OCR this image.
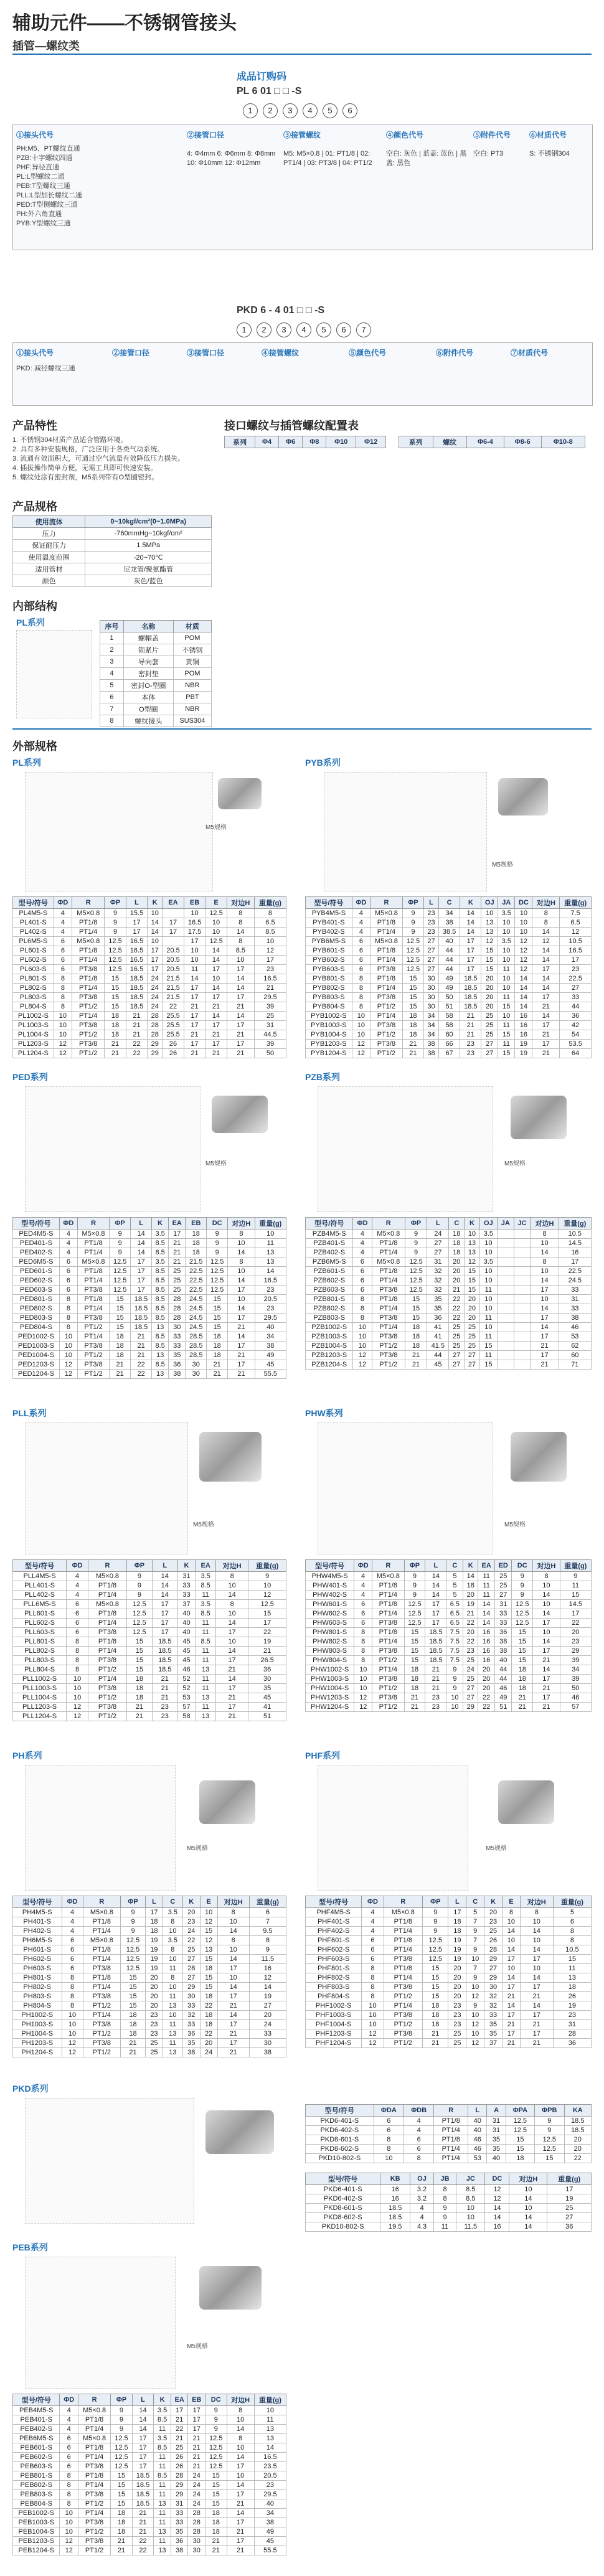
辅助元件——不锈钢管接头
插管—螺纹类
成品订购码
PL 6 01 □ □ -S
1	2	3	4	5	6
①接头代号	②接管口径	③接管螺纹	④颜色代号	⑤附件代号 ⑥材质代号
PH:M5、PT螺纹直通
PZB:十字螺纹四通
PHF:异径直通
PL:L型螺纹二通
PEB:T型螺纹三通
PLL:L型加长螺纹二通
PED:T型侧螺纹三通
PH:外六角直通
PYB:Y型螺纹三通
4: Φ4mm 6: Φ6mm 8: Φ8mm 10: Φ10mm 12: Φ12mm
M5: M5×0.8 | 01: PT1/8 | 02: PT1/4 | 03: PT3/8 | 04: PT1/2
空白: 灰色 | 蓝盖: 蓝色 | 黑盖: 黑色
空白: PT3	S: 不锈钢304
PKD 6 - 4 01 □ □ -S
1	2	3	4	5	6	7
①接头代号	②接管口径	③接管口径	④接管螺纹	⑤颜色代号	⑥附件代号	⑦材质代号
PKD: 减径螺纹三通
产品特性
1. 不锈钢304材质产品适合管路环境。
2. 具有多种安装规格，广泛应用于各类气动系统。
3. 流通有效面积大，可通过空气流量有效降低压力损失。
4. 插拔操作简单方便，无需工具即可快速安装。
5. 螺纹处涂有密封剂，M5系列带有O型圈密封。
产品规格
使用流体	0~10kgf/cm²(0~1.0MPa)
压力	-760mmHg~10kgf/cm²
保证耐压力	1.5MPa
使用温度范围	-20~70℃
适用管材	尼龙管/聚氨酯管
颜色	灰色/蓝色
内部结构
PL系列	序号	名称	材质
1	螺帽盖	POM
2	锁紧片	不锈钢
3	导向套	黄铜
4	密封垫	POM
5	密封O-型圈	NBR
6	本体	PBT
7	O型圈	NBR
8	螺纹接头	SUS304
接口螺纹与插管螺纹配置表
系列	Φ4	Φ6	Φ8	Φ10	Φ12	系列	螺纹	Φ6-4	Φ8-6	Φ10-8
外部规格
PL系列
M5规格
型号/符号	ΦD	R	ΦP	L	K	EA	EB	E	对边H	重量(g)
PL4M5-S	4	M5×0.8	9	15.5	10		10	12.5	8	8
PL401-S	4	PT1/8	9	17	14	17	16.5	10	8	6.5
PL402-S	4	PT1/4	9	17	14	17	17.5	10	14	8.5
PL6M5-S	6	M5×0.8	12.5	16.5	10		17	12.5	8	10
PL601-S	6	PT1/8	12.5	16.5	17	20.5	10	14	8.5	12
PL602-S	6	PT1/4	12.5	16.5	17	20.5	10	14	10	17
PL603-S	6	PT3/8	12.5	16.5	17	20.5	11	17	17	23
PL801-S	8	PT1/8	15	18.5	24	21.5	14	10	14	16.5
PL802-S	8	PT1/4	15	18.5	24	21.5	17	14	14	21
PL803-S	8	PT3/8	15	18.5	24	21.5	17	17	17	29.5
PL804-S	8	PT1/2	15	18.5	24	22	21	21	21	39
PL1002-S	10	PT1/4	18	21	28	25.5	17	14	14	25
PL1003-S	10	PT3/8	18	21	28	25.5	17	17	17	31
PL1004-S	10	PT1/2	18	21	28	25.5	21	21	21	44.5
PL1203-S	12	PT3/8	21	22	29	26	17	17	17	39
PL1204-S	12	PT1/2	21	22	29	26	21	21	21	50
PYB系列
M5规格
型号/符号	ΦD	R	ΦP	L	C	K	OJ	JA	DC	对边H	重量(g)
PYB4M5-S	4	M5×0.8	9	23	34	14	10	3.5	10	8	7.5
PYB401-S	4	PT1/8	9	23	38	14	13	10	10	8	6.5
PYB402-S	4	PT1/4	9	23	38.5	14	13	10	10	14	12
PYB6M5-S	6	M5×0.8	12.5	27	40	17	12	3.5	12	12	10.5
PYB601-S	6	PT1/8	12.5	27	44	17	15	10	12	14	16.5
PYB602-S	6	PT1/4	12.5	27	44	17	15	10	12	14	17
PYB603-S	6	PT3/8	12.5	27	44	17	15	11	12	17	23
PYB801-S	8	PT1/8	15	30	49	18.5	20	10	14	14	22.5
PYB802-S	8	PT1/4	15	30	49	18.5	20	10	14	14	27
PYB803-S	8	PT3/8	15	30	50	18.5	20	11	14	17	33
PYB804-S	8	PT1/2	15	30	51	18.5	20	15	14	21	44
PYB1002-S	10	PT1/4	18	34	58	21	25	10	16	14	36
PYB1003-S	10	PT3/8	18	34	58	21	25	11	16	17	42
PYB1004-S	10	PT1/2	18	34	60	21	25	15	16	21	54
PYB1203-S	12	PT3/8	21	38	66	23	27	11	19	17	53.5
PYB1204-S	12	PT1/2	21	38	67	23	27	15	19	21	64
PED系列
M5规格
型号/符号	ΦD	R	ΦP	L	K	EA	EB	DC	对边H	重量(g)
PED4M5-S	4	M5×0.8	9	14	3.5	17	18	9	8	10
PED401-S	4	PT1/8	9	14	8.5	21	18	9	10	11
PED402-S	4	PT1/4	9	14	8.5	21	18	9	14	13
PED6M5-S	6	M5×0.8	12.5	17	3.5	21	21.5	12.5	8	13
PED601-S	6	PT1/8	12.5	17	8.5	25	22.5	12.5	10	14
PED602-S	6	PT1/4	12.5	17	8.5	25	22.5	12.5	14	16.5
PED603-S	6	PT3/8	12.5	17	8.5	25	22.5	12.5	17	23
PED801-S	8	PT1/8	15	18.5	8.5	28	24.5	15	10	20.5
PED802-S	8	PT1/4	15	18.5	8.5	28	24.5	15	14	23
PED803-S	8	PT3/8	15	18.5	8.5	28	24.5	15	17	29.5
PED804-S	8	PT1/2	15	18.5	13	30	24.5	15	21	40
PED1002-S	10	PT1/4	18	21	8.5	33	28.5	18	14	34
PED1003-S	10	PT3/8	18	21	8.5	33	28.5	18	17	38
PED1004-S	10	PT1/2	18	21	13	35	28.5	18	21	49
PED1203-S	12	PT3/8	21	22	8.5	36	30	21	17	45
PED1204-S	12	PT1/2	21	22	13	38	30	21	21	55.5
PZB系列
M5规格
型号/符号	ΦD	R	ΦP	L	C	K	OJ	JA	JC	对边H	重量(g)
PZB4M5-S	4	M5×0.8	9	24	18	10	3.5			8	10.5
PZB401-S	4	PT1/8	9	27	18	13	10			10	14.5
PZB402-S	4	PT1/4	9	27	18	13	10			14	16
PZB6M5-S	6	M5×0.8	12.5	31	20	12	3.5			8	17
PZB601-S	6	PT1/8	12.5	32	20	15	10			10	22.5
PZB602-S	6	PT1/4	12.5	32	20	15	10			14	24.5
PZB603-S	6	PT3/8	12.5	32	21	15	11			17	33
PZB801-S	8	PT1/8	15	35	22	20	10			10	31
PZB802-S	8	PT1/4	15	35	22	20	10			14	33
PZB803-S	8	PT3/8	15	36	22	20	11			17	38
PZB1002-S	10	PT1/4	18	41	25	25	10			14	46
PZB1003-S	10	PT3/8	18	41	25	25	11			17	53
PZB1004-S	10	PT1/2	18	41.5	25	25	15			21	62
PZB1203-S	12	PT3/8	21	44	27	27	11			17	60
PZB1204-S	12	PT1/2	21	45	27	27	15			21	71
PLL系列
M5规格
型号/符号	ΦD	R	ΦP	L	K	EA	对边H	重量(g)
PLL4M5-S	4	M5×0.8	9	14	31	3.5	8	9
PLL401-S	4	PT1/8	9	14	33	8.5	10	10
PLL402-S	4	PT1/4	9	14	33	11	14	12
PLL6M5-S	6	M5×0.8	12.5	17	37	3.5	8	12.5
PLL601-S	6	PT1/8	12.5	17	40	8.5	10	15
PLL602-S	6	PT1/4	12.5	17	40	11	14	17
PLL603-S	6	PT3/8	12.5	17	40	11	17	22
PLL801-S	8	PT1/8	15	18.5	45	8.5	10	19
PLL802-S	8	PT1/4	15	18.5	45	11	14	21
PLL803-S	8	PT3/8	15	18.5	45	11	17	26.5
PLL804-S	8	PT1/2	15	18.5	46	13	21	36
PLL1002-S	10	PT1/4	18	21	52	11	14	30
PLL1003-S	10	PT3/8	18	21	52	11	17	35
PLL1004-S	10	PT1/2	18	21	53	13	21	45
PLL1203-S	12	PT3/8	21	23	57	11	17	41
PLL1204-S	12	PT1/2	21	23	58	13	21	51
PHW系列
M5规格
型号/符号	ΦD	R	ΦP	L	C	K	EA	ED	DC	对边H	重量(g)
PHW4M5-S	4	M5×0.8	9	14	5	14	11	25	9	8	9
PHW401-S	4	PT1/8	9	14	5	18	11	25	9	10	11
PHW402-S	4	PT1/4	9	14	5	20	11	27	9	14	15
PHW601-S	6	PT1/8	12.5	17	6.5	19	14	31	12.5	10	14.5
PHW602-S	6	PT1/4	12.5	17	6.5	21	14	33	12.5	14	17
PHW603-S	6	PT3/8	12.5	17	6.5	22	14	33	12.5	17	22
PHW801-S	8	PT1/8	15	18.5	7.5	20	16	36	15	10	20
PHW802-S	8	PT1/4	15	18.5	7.5	22	16	38	15	14	23
PHW803-S	8	PT3/8	15	18.5	7.5	23	16	38	15	17	29
PHW804-S	8	PT1/2	15	18.5	7.5	25	16	40	15	21	39
PHW1002-S	10	PT1/4	18	21	9	24	20	44	18	14	34
PHW1003-S	10	PT3/8	18	21	9	25	20	44	18	17	39
PHW1004-S	10	PT1/2	18	21	9	27	20	46	18	21	50
PHW1203-S	12	PT3/8	21	23	10	27	22	49	21	17	46
PHW1204-S	12	PT1/2	21	23	10	29	22	51	21	21	57
PH系列
M5规格
型号/符号	ΦD	R	ΦP	L	C	K	E	对边H	重量(g)
PH4M5-S	4	M5×0.8	9	17	3.5	20	10	8	6
PH401-S	4	PT1/8	9	18	8	23	12	10	7
PH402-S	4	PT1/4	9	18	10	24	15	14	9.5
PH6M5-S	6	M5×0.8	12.5	19	3.5	22	12	8	8
PH601-S	6	PT1/8	12.5	19	8	25	13	10	9
PH602-S	6	PT1/4	12.5	19	10	27	15	14	11.5
PH603-S	6	PT3/8	12.5	19	11	28	18	17	16
PH801-S	8	PT1/8	15	20	8	27	15	10	12
PH802-S	8	PT1/4	15	20	10	29	15	14	14
PH803-S	8	PT3/8	15	20	11	30	18	17	19
PH804-S	8	PT1/2	15	20	13	33	22	21	27
PH1002-S	10	PT1/4	18	23	10	32	18	14	20
PH1003-S	10	PT3/8	18	23	11	33	18	17	24
PH1004-S	10	PT1/2	18	23	13	36	22	21	33
PH1203-S	12	PT3/8	21	25	11	35	20	17	30
PH1204-S	12	PT1/2	21	25	13	38	24	21	38
PHF系列
M5规格
型号/符号	ΦD	R	ΦP	L	C	K	E	对边H	重量(g)
PHF4M5-S	4	M5×0.8	9	17	5	20	8	8	5
PHF401-S	4	PT1/8	9	18	7	23	10	10	6
PHF402-S	4	PT1/4	9	18	9	25	14	14	8
PHF601-S	6	PT1/8	12.5	19	7	26	10	10	8
PHF602-S	6	PT1/4	12.5	19	9	28	14	14	10.5
PHF603-S	6	PT3/8	12.5	19	10	29	17	17	15
PHF801-S	8	PT1/8	15	20	7	27	10	10	11
PHF802-S	8	PT1/4	15	20	9	29	14	14	13
PHF803-S	8	PT3/8	15	20	10	30	17	17	18
PHF804-S	8	PT1/2	15	20	12	32	21	21	26
PHF1002-S	10	PT1/4	18	23	9	32	14	14	19
PHF1003-S	10	PT3/8	18	23	10	33	17	17	23
PHF1004-S	10	PT1/2	18	23	12	35	21	21	31
PHF1203-S	12	PT3/8	21	25	10	35	17	17	28
PHF1204-S	12	PT1/2	21	25	12	37	21	21	36
PKD系列
型号/符号	ΦDA	ΦDB	R	L	A	ΦPA	ΦPB	KA
PKD6-401-S	6	4	PT1/8	40	31	12.5	9	18.5
PKD6-402-S	6	4	PT1/4	40	31	12.5	9	18.5
PKD8-601-S	8	6	PT1/8	46	35	15	12.5	20
PKD8-602-S	8	6	PT1/4	46	35	15	12.5	20
PKD10-802-S	10	8	PT1/4	53	40	18	15	22
型号/符号	KB	OJ	JB	JC	DC	对边H	重量(g)
PKD6-401-S	16	3.2	8	8.5	12	10	17
PKD6-402-S	16	3.2	8	8.5	12	14	19
PKD8-601-S	18.5	4	9	10	14	10	25
PKD8-602-S	18.5	4	9	10	14	14	27
PKD10-802-S	19.5	4.3	11	11.5	16	14	36
PEB系列
M5规格
型号/符号	ΦD	R	ΦP	L	K	EA	EB	DC	对边H	重量(g)
PEB4M5-S	4	M5×0.8	9	14	3.5	17	17	9	8	10
PEB401-S	4	PT1/8	9	14	8.5	21	17	9	10	11
PEB402-S	4	PT1/4	9	14	11	22	17	9	14	13
PEB6M5-S	6	M5×0.8	12.5	17	3.5	21	21	12.5	8	13
PEB601-S	6	PT1/8	12.5	17	8.5	25	21	12.5	10	14
PEB602-S	6	PT1/4	12.5	17	11	26	21	12.5	14	16.5
PEB603-S	6	PT3/8	12.5	17	11	26	21	12.5	17	23.5
PEB801-S	8	PT1/8	15	18.5	8.5	28	24	15	10	20.5
PEB802-S	8	PT1/4	15	18.5	11	29	24	15	14	23
PEB803-S	8	PT3/8	15	18.5	11	29	24	15	17	29.5
PEB804-S	8	PT1/2	15	18.5	13	31	24	15	21	40
PEB1002-S	10	PT1/4	18	21	11	33	28	18	14	34
PEB1003-S	10	PT3/8	18	21	11	33	28	18	17	38
PEB1004-S	10	PT1/2	18	21	13	35	28	18	21	49
PEB1203-S	12	PT3/8	21	22	11	36	30	21	17	45
PEB1204-S	12	PT1/2	21	22	13	38	30	21	21	55.5
